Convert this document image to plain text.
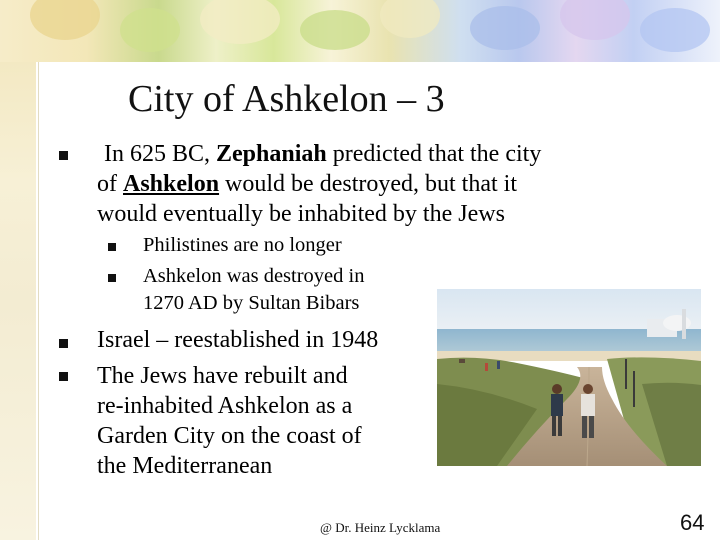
City of Ashkelon – 3
In 625 BC, Zephaniah predicted that the city
of Ashkelon would be destroyed, but that it
would eventually be inhabited by the Jews
Philistines are no longer
Ashkelon was destroyed in
1270 AD by Sultan Bibars
Israel – reestablished in 1948
The Jews have rebuilt and
re-inhabited Ashkelon as a
Garden City on the coast of
the Mediterranean
@ Dr. Heinz Lycklama	64
